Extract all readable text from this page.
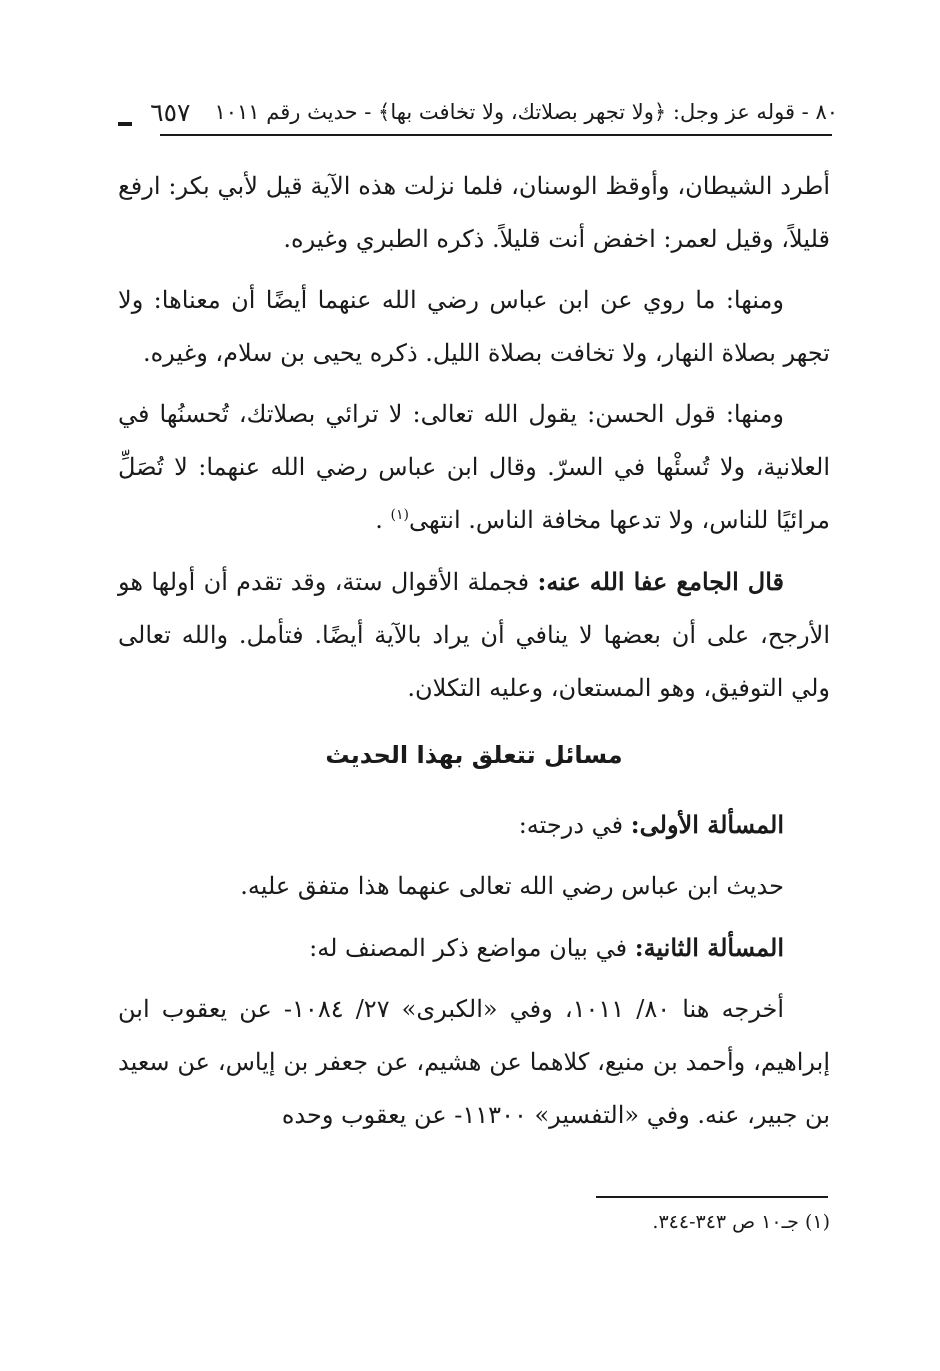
٨٠ - قوله عز وجل: ﴿ولا تجهر بصلاتك، ولا تخافت بها﴾ - حديث رقم ١٠١١
٦٥٧

أطرد الشيطان، وأوقظ الوسنان، فلما نزلت هذه الآية قيل لأبي بكر: ارفع قليلاً، وقيل لعمر: اخفض أنت قليلاً. ذكره الطبري وغيره.

ومنها: ما روي عن ابن عباس رضي الله عنهما أيضًا أن معناها: ولا تجهر بصلاة النهار، ولا تخافت بصلاة الليل. ذكره يحيى بن سلام، وغيره.

ومنها: قول الحسن: يقول الله تعالى: لا ترائي بصلاتك، تُحسنُها في العلانية، ولا تُسئْها في السرّ. وقال ابن عباس رضي الله عنهما: لا تُصَلِّ مرائيًا للناس، ولا تدعها مخافة الناس. انتهى$^{(١)}$ .

قال الجامع عفا الله عنه: فجملة الأقوال ستة، وقد تقدم أن أولها هو الأرجح، على أن بعضها لا ينافي أن يراد بالآية أيضًا. فتأمل. والله تعالى ولي التوفيق، وهو المستعان، وعليه التكلان.

مسائل تتعلق بهذا الحديث

المسألة الأولى: في درجته:

حديث ابن عباس رضي الله تعالى عنهما هذا متفق عليه.

المسألة الثانية: في بيان مواضع ذكر المصنف له:

أخرجه هنا ٨٠/ ١٠١١، وفي «الكبرى» ٢٧/ ١٠٨٤- عن يعقوب ابن إبراهيم، وأحمد بن منيع، كلاهما عن هشيم، عن جعفر بن إياس، عن سعيد بن جبير، عنه. وفي «التفسير» ١١٣٠٠- عن يعقوب وحده

(١) جـ١٠ ص ٣٤٣-٣٤٤.
